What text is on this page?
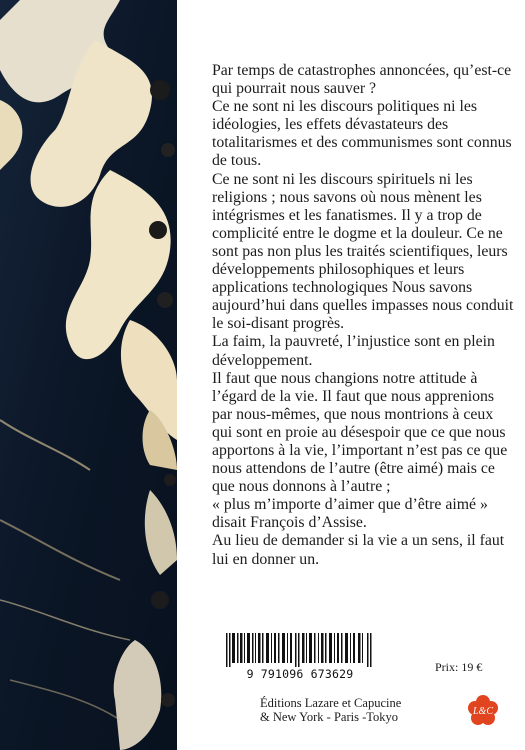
Par temps de catastrophes annoncées, qu’est-ce qui pourrait nous sauver ?

Ce ne sont ni les discours politiques ni les idéologies, les effets dévastateurs des totalitarismes et des communismes sont connus de tous.

Ce ne sont ni les discours spirituels ni les religions ; nous savons où nous mènent les intégrismes et les fanatismes. Il y a trop de complicité entre le dogme et la douleur. Ce ne sont pas non plus les traités scientifiques, leurs développements philosophiques et leurs applications technologiques Nous savons aujourd’hui dans quelles impasses nous conduit le soi-disant progrès.

La faim, la pauvreté, l’injustice sont en plein développement.

Il faut que nous changions notre attitude à l’égard de la vie. Il faut que nous apprenions par nous-mêmes, que nous montrions à ceux qui sont en proie au désespoir que ce que nous apportons à la vie, l’important n’est pas ce que nous attendons de l’autre (être aimé) mais ce que nous donnons à l’autre ;

« plus m’importe d’aimer que d’être aimé » disait François d’Assise.

Au lieu de demander si la vie a un sens, il faut lui en donner un.

9 791096 673629	Prix: 19 €
Éditions Lazare et Capucine
& New York - Paris -Tokyo	L&C
